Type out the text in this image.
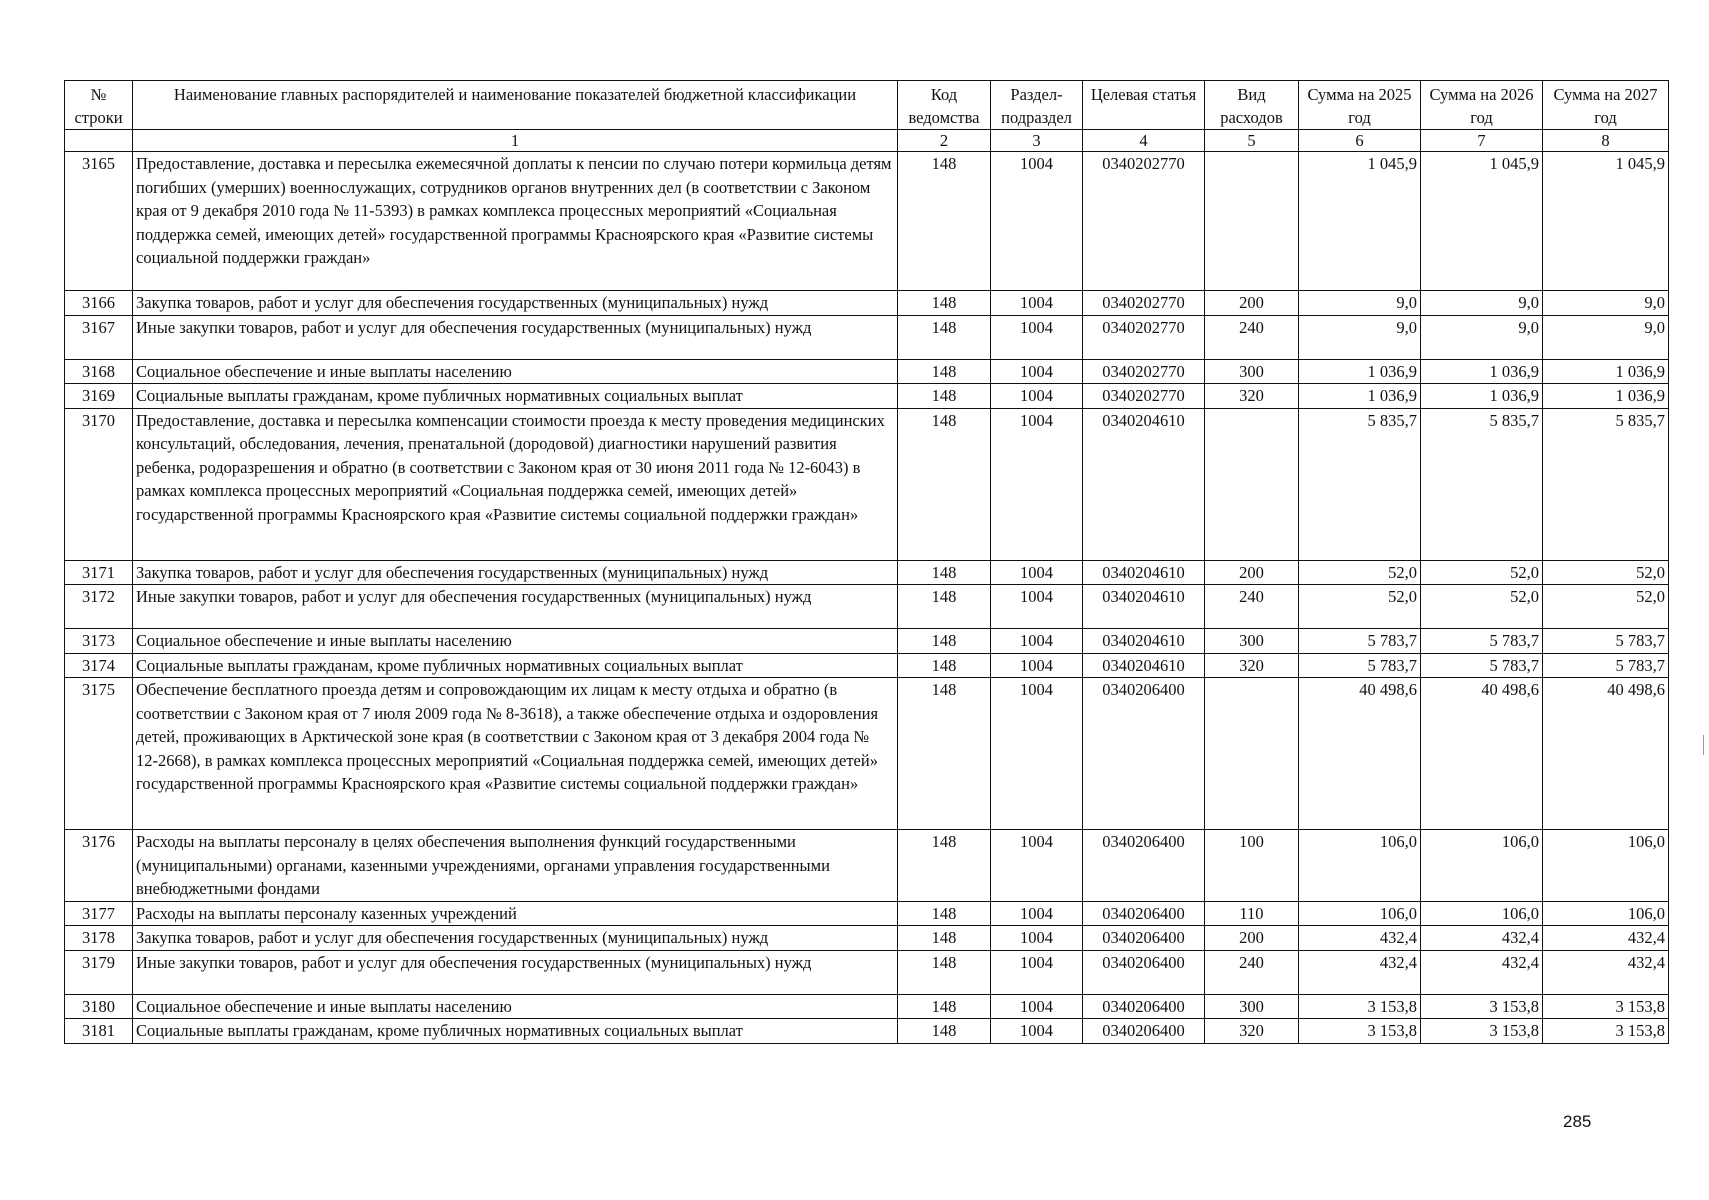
№ строки	Наименование главных распорядителей и наименование показателей бюджетной классификации	Код ведомства	Раздел-подраздел	Целевая статья	Вид расходов	Сумма на 2025 год	Сумма на 2026 год	Сумма на 2027 год
	1	2	3	4	5	6	7	8
3165	Предоставление, доставка и пересылка ежемесячной доплаты к пенсии по случаю потери кормильца детям погибших (умерших) военнослужащих, сотрудников органов внутренних дел (в соответствии с Законом края от 9 декабря 2010 года № 11-5393) в рамках комплекса процессных мероприятий «Социальная поддержка семей, имеющих детей» государственной программы Красноярского края «Развитие системы социальной поддержки граждан»	148	1004	0340202770		1 045,9	1 045,9	1 045,9
3166	Закупка товаров, работ и услуг для обеспечения государственных (муниципальных) нужд	148	1004	0340202770	200	9,0	9,0	9,0
3167	Иные закупки товаров, работ и услуг для обеспечения государственных (муниципальных) нужд	148	1004	0340202770	240	9,0	9,0	9,0
3168	Социальное обеспечение и иные выплаты населению	148	1004	0340202770	300	1 036,9	1 036,9	1 036,9
3169	Социальные выплаты гражданам, кроме публичных нормативных социальных выплат	148	1004	0340202770	320	1 036,9	1 036,9	1 036,9
3170	Предоставление, доставка и пересылка компенсации стоимости проезда к месту проведения медицинских консультаций, обследования, лечения, пренатальной (дородовой) диагностики нарушений развития ребенка, родоразрешения и обратно (в соответствии с Законом края от 30 июня 2011 года № 12-6043) в рамках комплекса процессных мероприятий «Социальная поддержка семей, имеющих детей» государственной программы Красноярского края «Развитие системы социальной поддержки граждан»	148	1004	0340204610		5 835,7	5 835,7	5 835,7
3171	Закупка товаров, работ и услуг для обеспечения государственных (муниципальных) нужд	148	1004	0340204610	200	52,0	52,0	52,0
3172	Иные закупки товаров, работ и услуг для обеспечения государственных (муниципальных) нужд	148	1004	0340204610	240	52,0	52,0	52,0
3173	Социальное обеспечение и иные выплаты населению	148	1004	0340204610	300	5 783,7	5 783,7	5 783,7
3174	Социальные выплаты гражданам, кроме публичных нормативных социальных выплат	148	1004	0340204610	320	5 783,7	5 783,7	5 783,7
3175	Обеспечение бесплатного проезда детям и сопровождающим их лицам к месту отдыха и обратно (в соответствии с Законом края от 7 июля 2009 года № 8-3618), а также обеспечение отдыха и оздоровления детей, проживающих в Арктической зоне края (в соответствии с Законом края от 3 декабря 2004 года № 12-2668), в рамках комплекса процессных мероприятий «Социальная поддержка семей, имеющих детей» государственной программы Красноярского края «Развитие системы социальной поддержки граждан»	148	1004	0340206400		40 498,6	40 498,6	40 498,6
3176	Расходы на выплаты персоналу в целях обеспечения выполнения функций государственными (муниципальными) органами, казенными учреждениями, органами управления государственными внебюджетными фондами	148	1004	0340206400	100	106,0	106,0	106,0
3177	Расходы на выплаты персоналу казенных учреждений	148	1004	0340206400	110	106,0	106,0	106,0
3178	Закупка товаров, работ и услуг для обеспечения государственных (муниципальных) нужд	148	1004	0340206400	200	432,4	432,4	432,4
3179	Иные закупки товаров, работ и услуг для обеспечения государственных (муниципальных) нужд	148	1004	0340206400	240	432,4	432,4	432,4
3180	Социальное обеспечение и иные выплаты населению	148	1004	0340206400	300	3 153,8	3 153,8	3 153,8
3181	Социальные выплаты гражданам, кроме публичных нормативных социальных выплат	148	1004	0340206400	320	3 153,8	3 153,8	3 153,8
285
